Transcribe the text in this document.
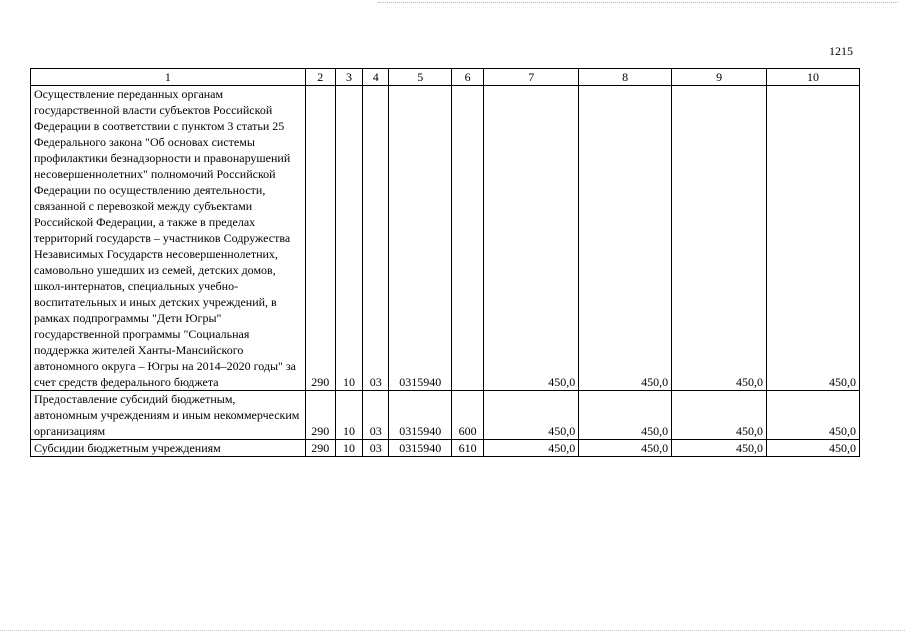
1215
1	2	3	4	5	6	7	8	9	10

Осуществление переданных органам государственной власти субъектов Российской Федерации в соответствии с пунктом 3 статьи 25 Федерального закона "Об основах системы профилактики безнадзорности и правонарушений несовершеннолетних" полномочий Российской Федерации по осуществлению деятельности, связанной с перевозкой между субъектами Российской Федерации, а также в пределах территорий государств – участников Содружества Независимых Государств несовершеннолетних, самовольно ушедших из семей, детских домов, школ-интернатов, специальных учебно-воспитательных и иных детских учреждений, в рамках подпрограммы "Дети Югры" государственной программы "Социальная поддержка жителей Ханты-Мансийского автономного округа – Югры на 2014–2020 годы" за счет средств федерального бюджета	290	10	03	0315940		450,0	450,0	450,0	450,0

Предоставление субсидий бюджетным, автономным учреждениям и иным некоммерческим организациям	290	10	03	0315940	600	450,0	450,0	450,0	450,0

Субсидии бюджетным учреждениям	290	10	03	0315940	610	450,0	450,0	450,0	450,0
